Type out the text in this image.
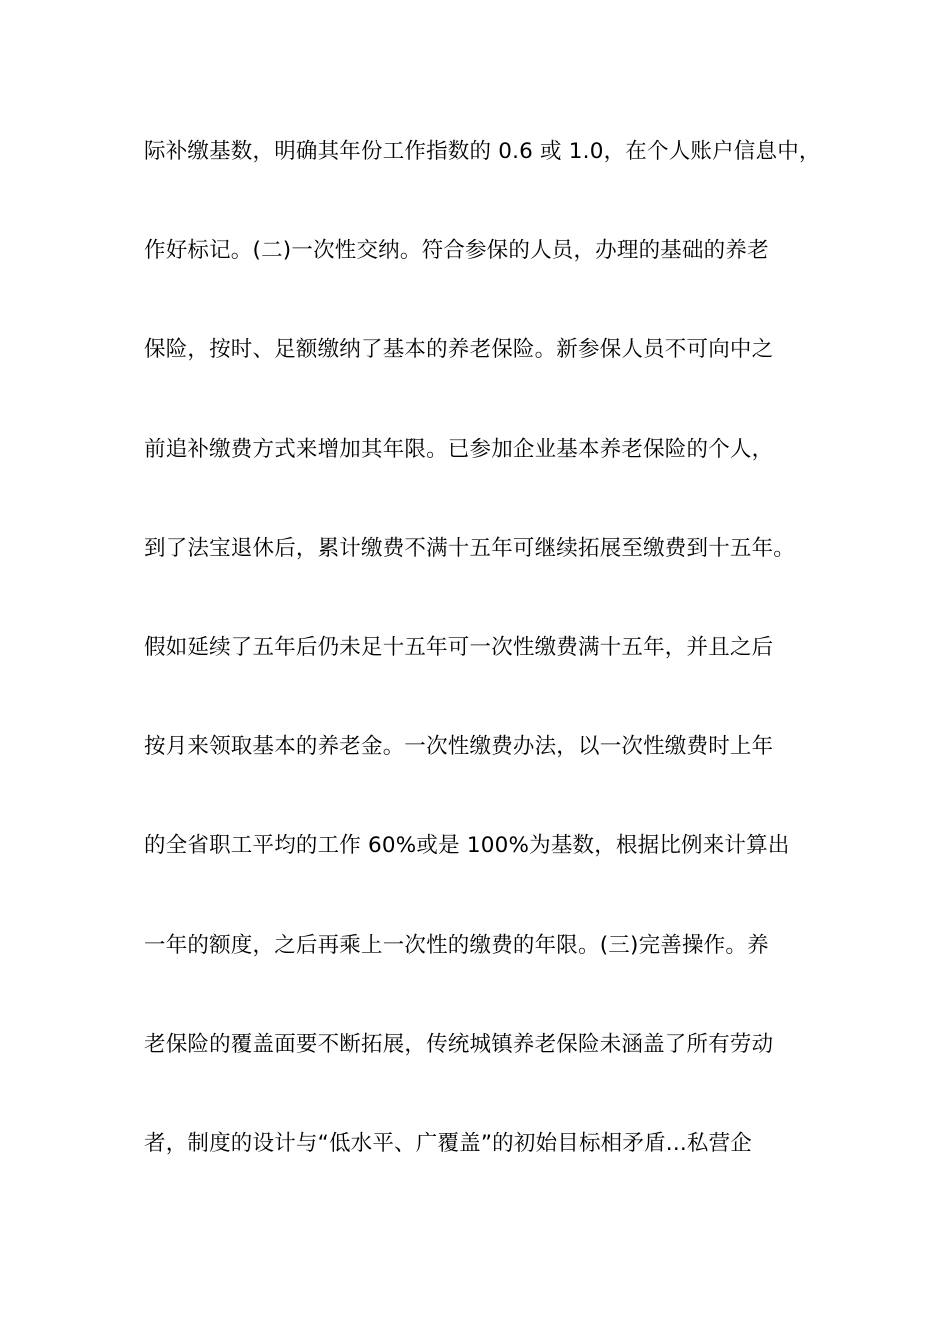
际补缴基数，明确其年份工作指数的 0.6 或 1.0，在个人账户信息中，
作好标记。(二)一次性交纳。符合参保的人员，办理的基础的养老
保险，按时、足额缴纳了基本的养老保险。新参保人员不可向中之
前追补缴费方式来增加其年限。已参加企业基本养老保险的个人，
到了法宝退休后，累计缴费不满十五年可继续拓展至缴费到十五年。
假如延续了五年后仍未足十五年可一次性缴费满十五年，并且之后
按月来领取基本的养老金。一次性缴费办法，以一次性缴费时上年
的全省职工平均的工作 60%或是 100%为基数，根据比例来计算出
一年的额度，之后再乘上一次性的缴费的年限。(三)完善操作。养
老保险的覆盖面要不断拓展，传统城镇养老保险未涵盖了所有劳动
者，制度的设计与“低水平、广覆盖”的初始目标相矛盾...私营企
